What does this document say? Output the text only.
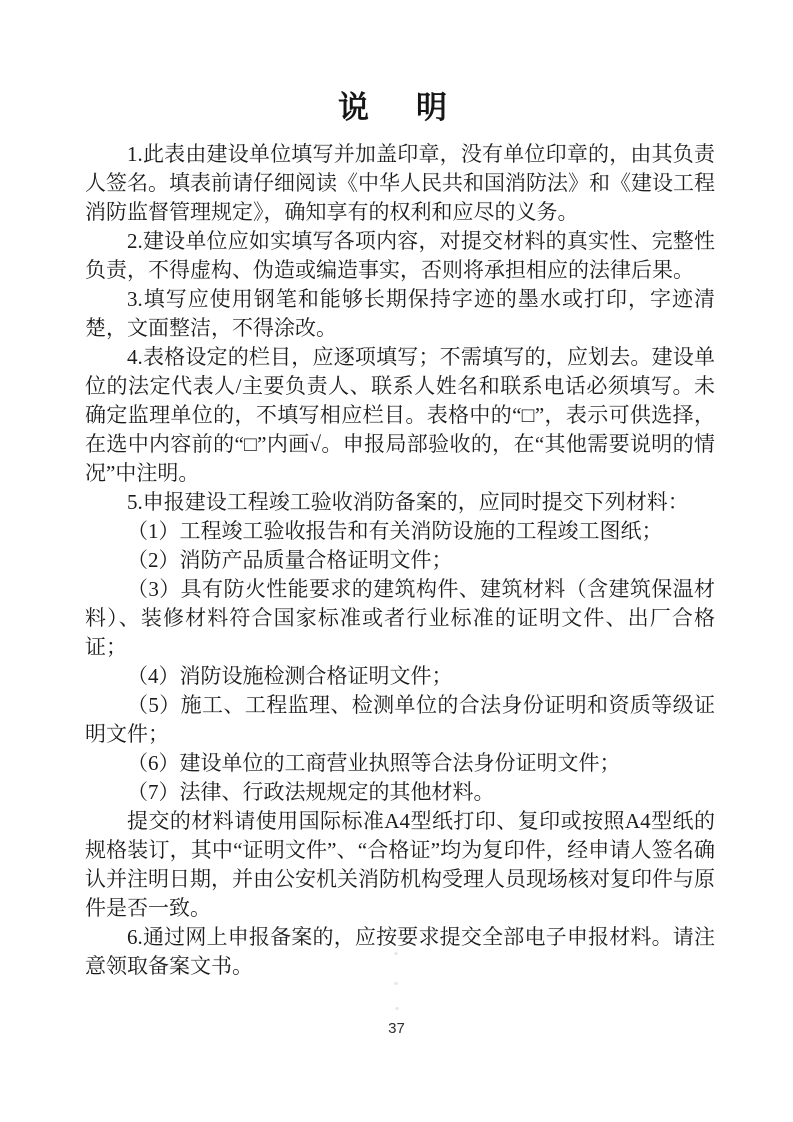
说　明

1.此表由建设单位填写并加盖印章，没有单位印章的，由其负责人签名。填表前请仔细阅读《中华人民共和国消防法》和《建设工程消防监督管理规定》，确知享有的权利和应尽的义务。

2.建设单位应如实填写各项内容，对提交材料的真实性、完整性负责，不得虚构、伪造或编造事实，否则将承担相应的法律后果。

3.填写应使用钢笔和能够长期保持字迹的墨水或打印，字迹清楚，文面整洁，不得涂改。

4.表格设定的栏目，应逐项填写；不需填写的，应划去。建设单位的法定代表人/主要负责人、联系人姓名和联系电话必须填写。未确定监理单位的，不填写相应栏目。表格中的“□”，表示可供选择，在选中内容前的“□”内画√。申报局部验收的，在“其他需要说明的情况”中注明。

5.申报建设工程竣工验收消防备案的，应同时提交下列材料：

（1）工程竣工验收报告和有关消防设施的工程竣工图纸；

（2）消防产品质量合格证明文件；

（3）具有防火性能要求的建筑构件、建筑材料（含建筑保温材料）、装修材料符合国家标准或者行业标准的证明文件、出厂合格证；

（4）消防设施检测合格证明文件；

（5）施工、工程监理、检测单位的合法身份证明和资质等级证明文件；

（6）建设单位的工商营业执照等合法身份证明文件；

（7）法律、行政法规规定的其他材料。

提交的材料请使用国际标准A4型纸打印、复印或按照A4型纸的规格装订，其中“证明文件”、“合格证”均为复印件，经申请人签名确认并注明日期，并由公安机关消防机构受理人员现场核对复印件与原件是否一致。

6.通过网上申报备案的，应按要求提交全部电子申报材料。请注意领取备案文书。

37
